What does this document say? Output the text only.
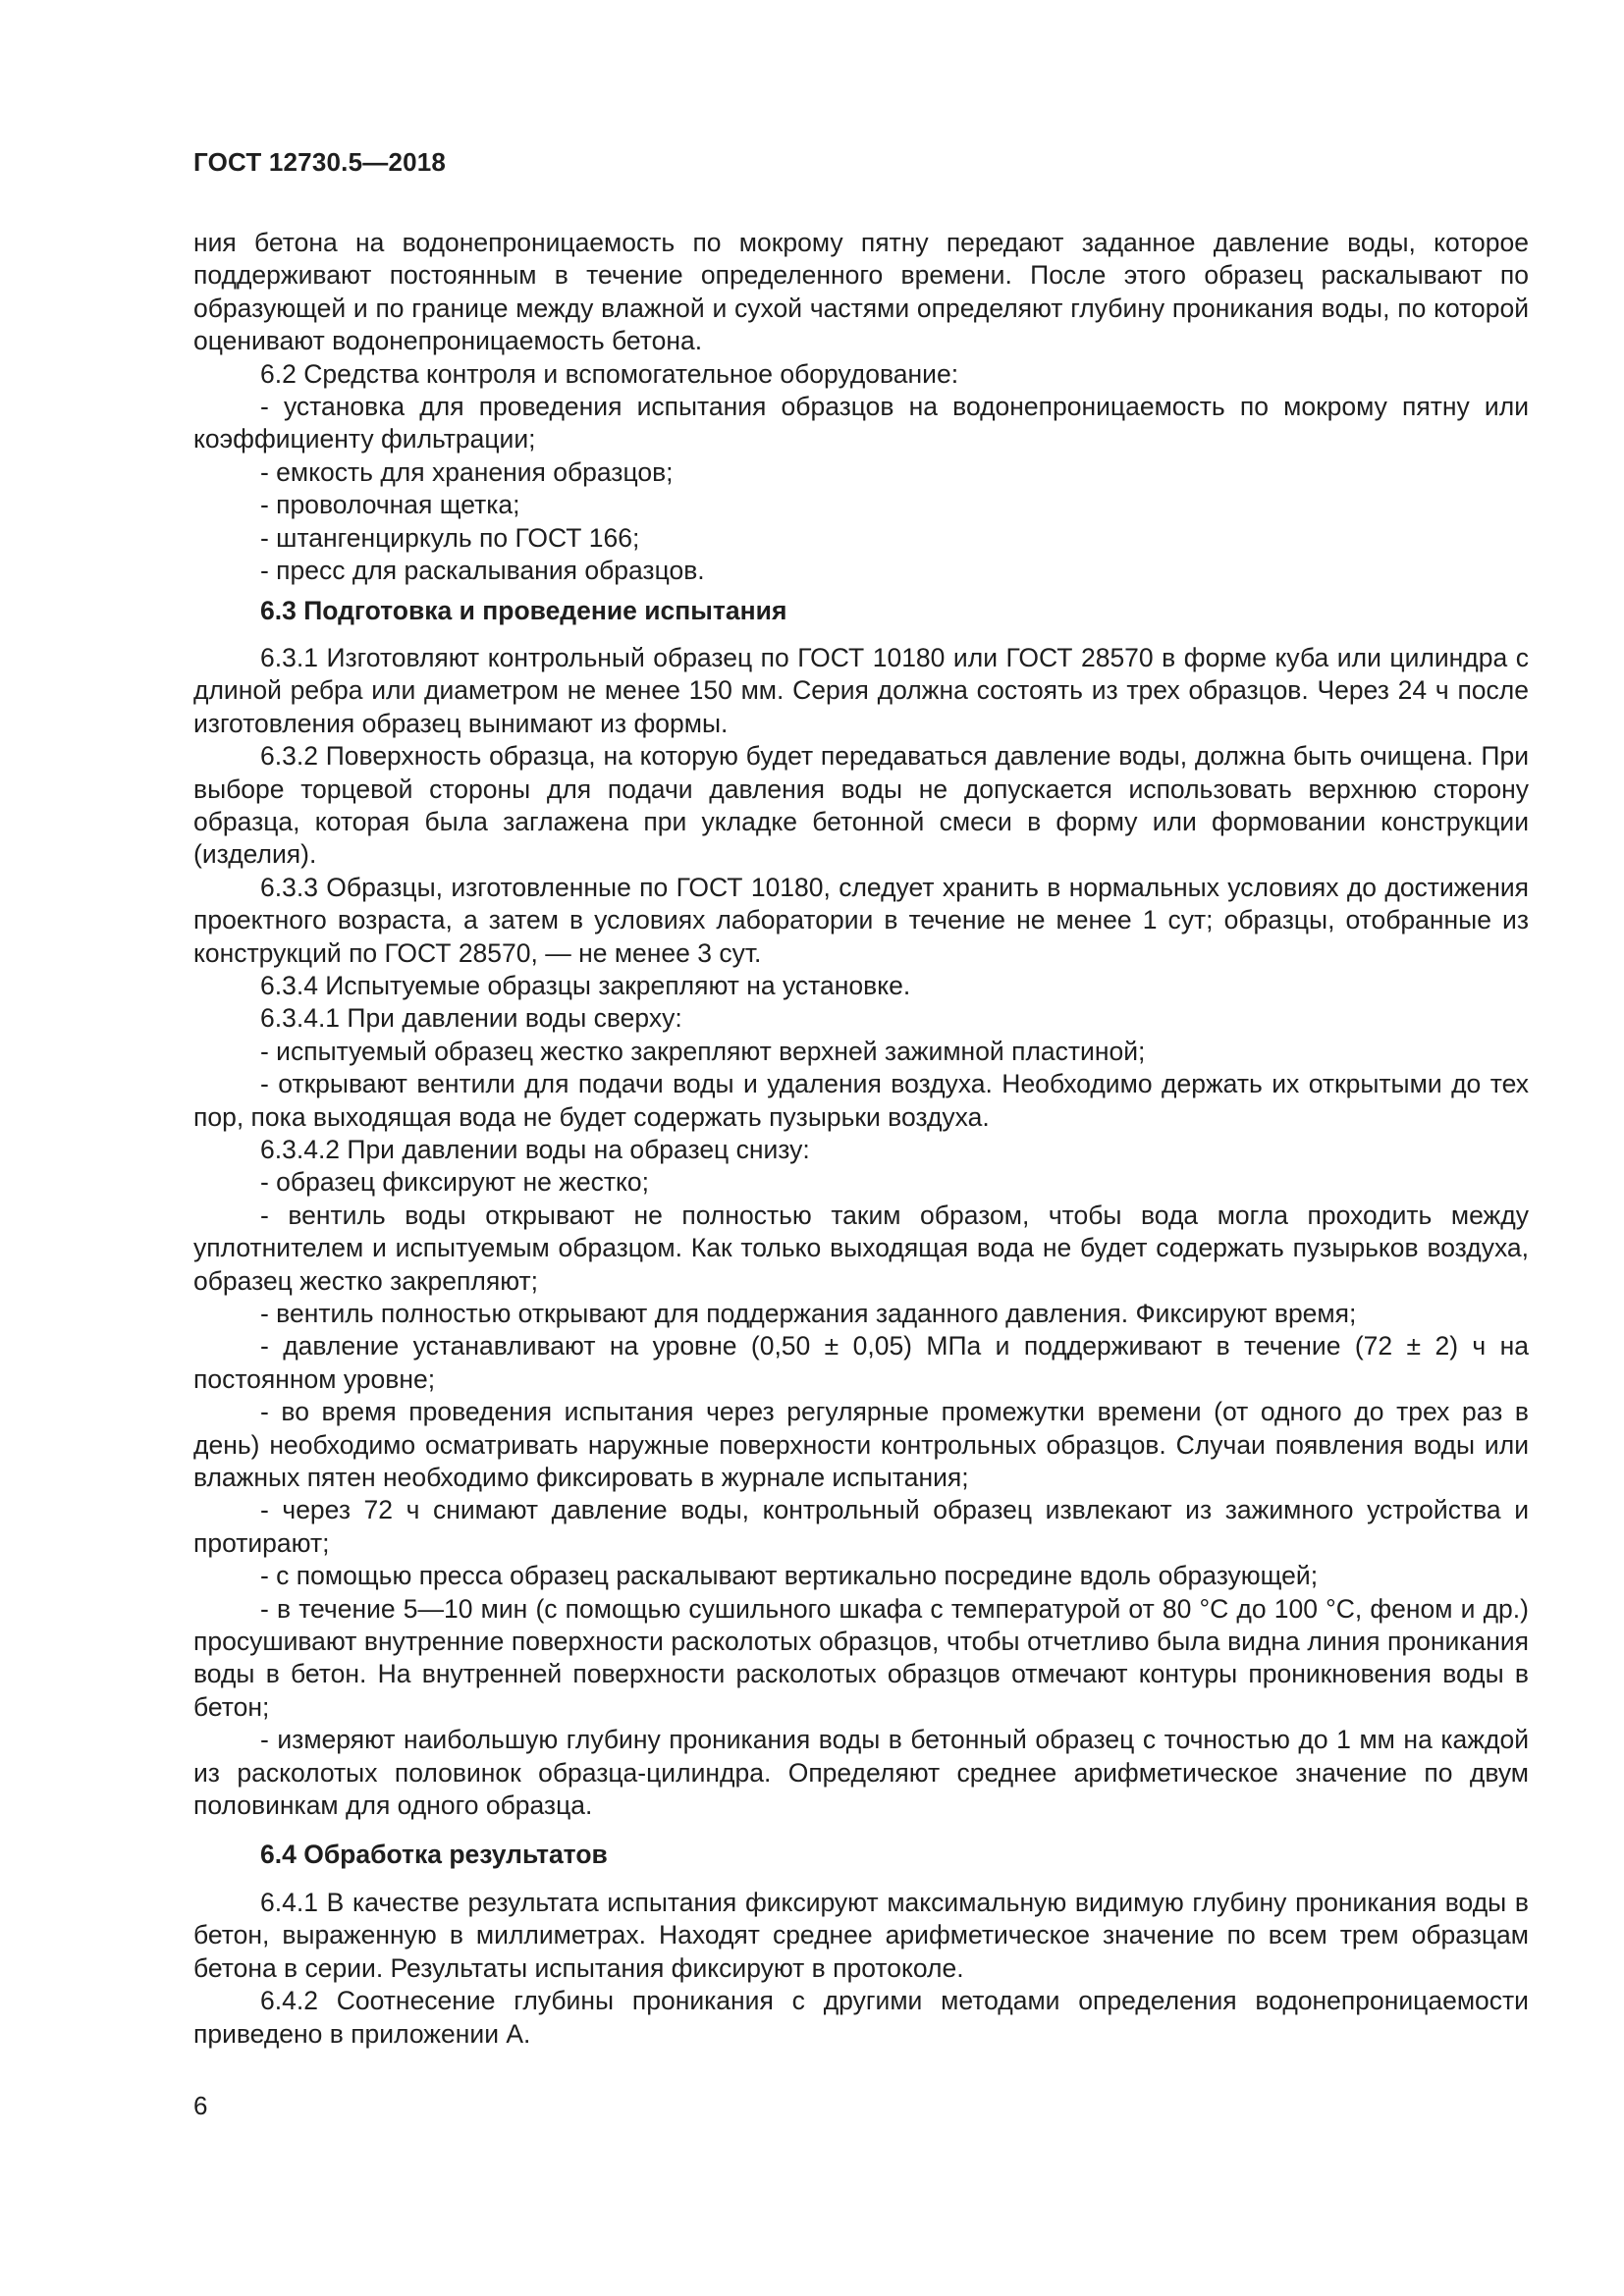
ГОСТ 12730.5—2018

ния бетона на водонепроницаемость по мокрому пятну передают заданное давление воды, которое поддерживают постоянным в течение определенного времени. После этого образец раскалывают по образующей и по границе между влажной и сухой частями определяют глубину проникания воды, по которой оценивают водонепроницаемость бетона.

6.2 Средства контроля и вспомогательное оборудование:

- установка для проведения испытания образцов на водонепроницаемость по мокрому пятну или коэффициенту фильтрации;

- емкость для хранения образцов;

- проволочная щетка;

- штангенциркуль по ГОСТ 166;

- пресс для раскалывания образцов.

6.3 Подготовка и проведение испытания

6.3.1 Изготовляют контрольный образец по ГОСТ 10180 или ГОСТ 28570 в форме куба или цилиндра с длиной ребра или диаметром не менее 150 мм. Серия должна состоять из трех образцов. Через 24 ч после изготовления образец вынимают из формы.

6.3.2 Поверхность образца, на которую будет передаваться давление воды, должна быть очищена. При выборе торцевой стороны для подачи давления воды не допускается использовать верхнюю сторону образца, которая была заглажена при укладке бетонной смеси в форму или формовании конструкции (изделия).

6.3.3 Образцы, изготовленные по ГОСТ 10180, следует хранить в нормальных условиях до достижения проектного возраста, а затем в условиях лаборатории в течение не менее 1 сут; образцы, отобранные из конструкций по ГОСТ 28570, — не менее 3 сут.

6.3.4 Испытуемые образцы закрепляют на установке.

6.3.4.1 При давлении воды сверху:

- испытуемый образец жестко закрепляют верхней зажимной пластиной;

- открывают вентили для подачи воды и удаления воздуха. Необходимо держать их открытыми до тех пор, пока выходящая вода не будет содержать пузырьки воздуха.

6.3.4.2 При давлении воды на образец снизу:

- образец фиксируют не жестко;

- вентиль воды открывают не полностью таким образом, чтобы вода могла проходить между уплотнителем и испытуемым образцом. Как только выходящая вода не будет содержать пузырьков воздуха, образец жестко закрепляют;

- вентиль полностью открывают для поддержания заданного давления. Фиксируют время;

- давление устанавливают на уровне (0,50 ± 0,05) МПа и поддерживают в течение (72 ± 2) ч на постоянном уровне;

- во время проведения испытания через регулярные промежутки времени (от одного до трех раз в день) необходимо осматривать наружные поверхности контрольных образцов. Случаи появления воды или влажных пятен необходимо фиксировать в журнале испытания;

- через 72 ч снимают давление воды, контрольный образец извлекают из зажимного устройства и протирают;

- с помощью пресса образец раскалывают вертикально посредине вдоль образующей;

- в течение 5—10 мин (с помощью сушильного шкафа с температурой от 80 °С до 100 °С, феном и др.) просушивают внутренние поверхности расколотых образцов, чтобы отчетливо была видна линия проникания воды в бетон. На внутренней поверхности расколотых образцов отмечают контуры проникновения воды в бетон;

- измеряют наибольшую глубину проникания воды в бетонный образец с точностью до 1 мм на каждой из расколотых половинок образца-цилиндра. Определяют среднее арифметическое значение по двум половинкам для одного образца.

6.4 Обработка результатов

6.4.1 В качестве результата испытания фиксируют максимальную видимую глубину проникания воды в бетон, выраженную в миллиметрах. Находят среднее арифметическое значение по всем трем образцам бетона в серии. Результаты испытания фиксируют в протоколе.

6.4.2 Соотнесение глубины проникания с другими методами определения водонепроницаемости приведено в приложении А.

6
